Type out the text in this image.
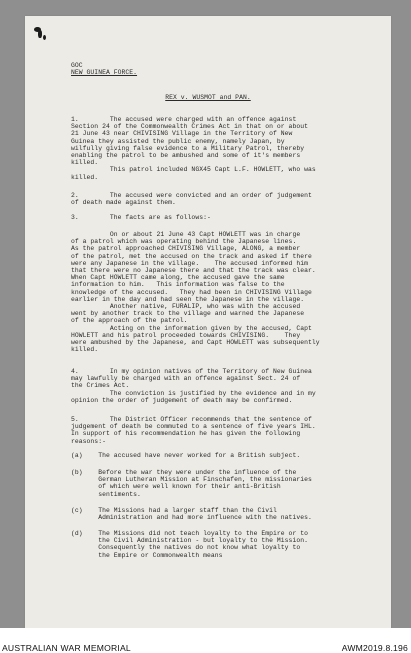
GOC
NEW GUINEA FORCE.
REX v. WUSMOT and PAN.
1.        The accused were charged with an offence against
Section 24 of the Commonwealth Crimes Act in that on or about
21 June 43 near CHIVISING Village in the Territory of New
Guinea they assisted the public enemy, namely Japan, by
wilfully giving false evidence to a Military Patrol, thereby
enabling the patrol to be ambushed and some of it's members
killed.
This patrol included NGX45 Capt L.F. HOWLETT, who was
killed.
2.        The accused were convicted and an order of judgement
of death made against them.
3.        The facts are as follows:-
On or about 21 June 43 Capt HOWLETT was in charge
of a patrol which was operating behind the Japanese lines.
As the patrol approached CHIVISING Village, ALONG, a member
of the patrol, met the accused on the track and asked if there
were any Japanese in the village.    The accused informed him
that there were no Japanese there and that the track was clear.
When Capt HOWLETT came along, the accused gave the same
information to him.   This information was false to the
knowledge of the accused.   They had been in CHIVISING Village
earlier in the day and had seen the Japanese in the village.
Another native, FURALIP, who was with the accused
went by another track to the village and warned the Japanese
of the approach of the patrol.
Acting on the information given by the accused, Capt
HOWLETT and his patrol proceeded towards CHIVISING.    They
were ambushed by the Japanese, and Capt HOWLETT was subsequently
killed.
4.        In my opinion natives of the Territory of New Guinea
may lawfully be charged with an offence against Sect. 24 of
the Crimes Act.
The conviction is justified by the evidence and in my
opinion the order of judgement of death may be confirmed.
5.        The District Officer recommends that the sentence of
judgement of death be commuted to a sentence of five years IHL.
In support of his recommendation he has given the following
reasons:-
(a)    The accused have never worked for a British subject.
(b)    Before the war they were under the influence of the
German Lutheran Mission at Finschafen, the missionaries
of which were well known for their anti-British
sentiments.
(c)    The Missions had a larger staff than the Civil
Administration and had more influence with the natives.
(d)    The Missions did not teach loyalty to the Empire or to
the Civil Administration - but loyalty to the Mission.
Consequently the natives do not know what loyalty to
the Empire or Commonwealth means
AUSTRALIAN WAR MEMORIAL	AWM2019.8.196
